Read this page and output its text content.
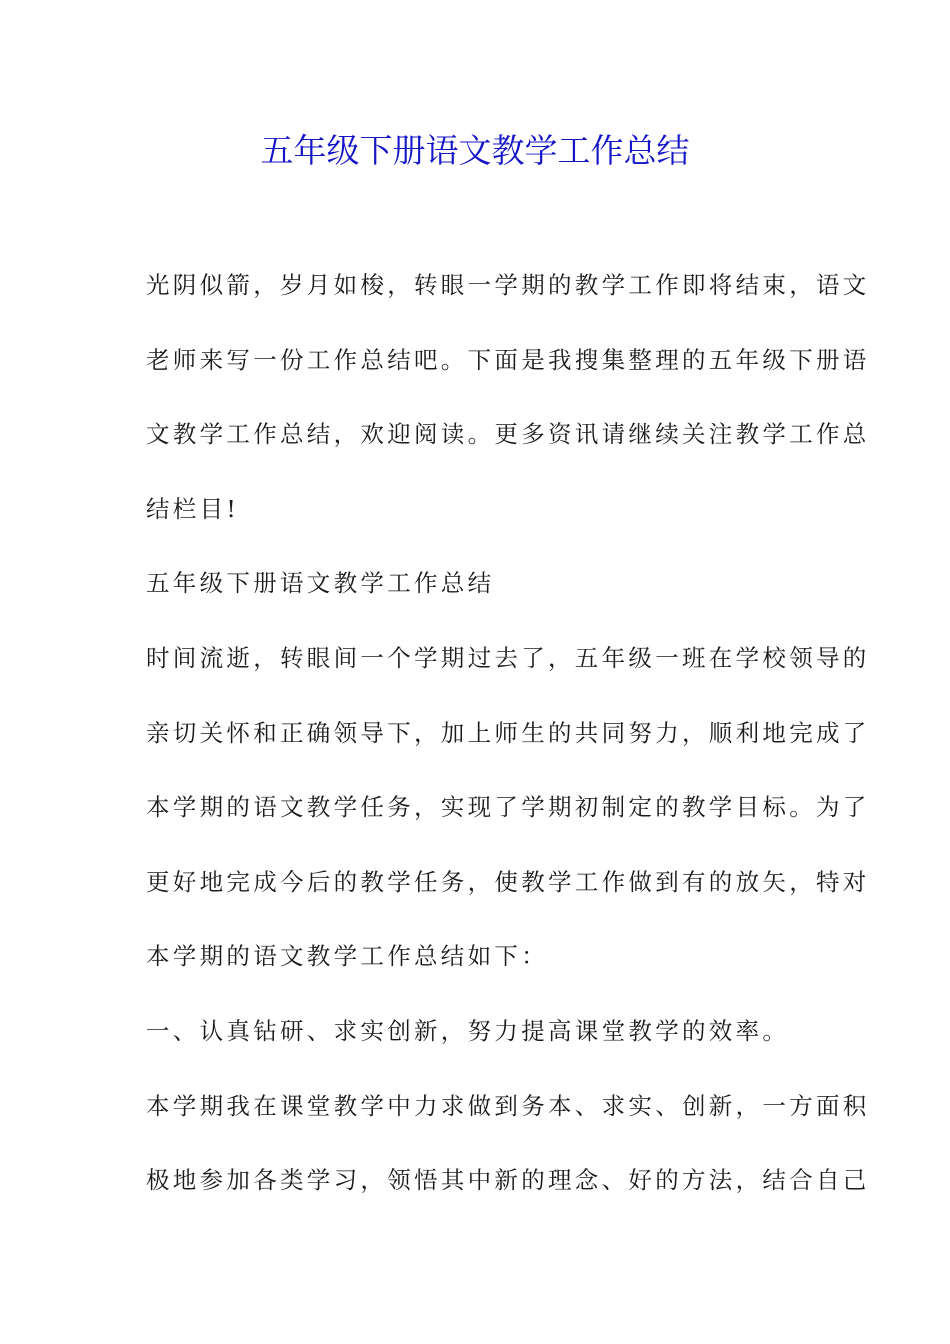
五年级下册语文教学工作总结
光阴似箭，岁月如梭，转眼一学期的教学工作即将结束，语文
老师来写一份工作总结吧。下面是我搜集整理的五年级下册语
文教学工作总结，欢迎阅读。更多资讯请继续关注教学工作总
结栏目!
五年级下册语文教学工作总结
时间流逝，转眼间一个学期过去了，五年级一班在学校领导的
亲切关怀和正确领导下，加上师生的共同努力，顺利地完成了
本学期的语文教学任务，实现了学期初制定的教学目标。为了
更好地完成今后的教学任务，使教学工作做到有的放矢，特对
本学期的语文教学工作总结如下：
一、认真钻研、求实创新，努力提高课堂教学的效率。
本学期我在课堂教学中力求做到务本、求实、创新，一方面积
极地参加各类学习，领悟其中新的理念、好的方法，结合自己
